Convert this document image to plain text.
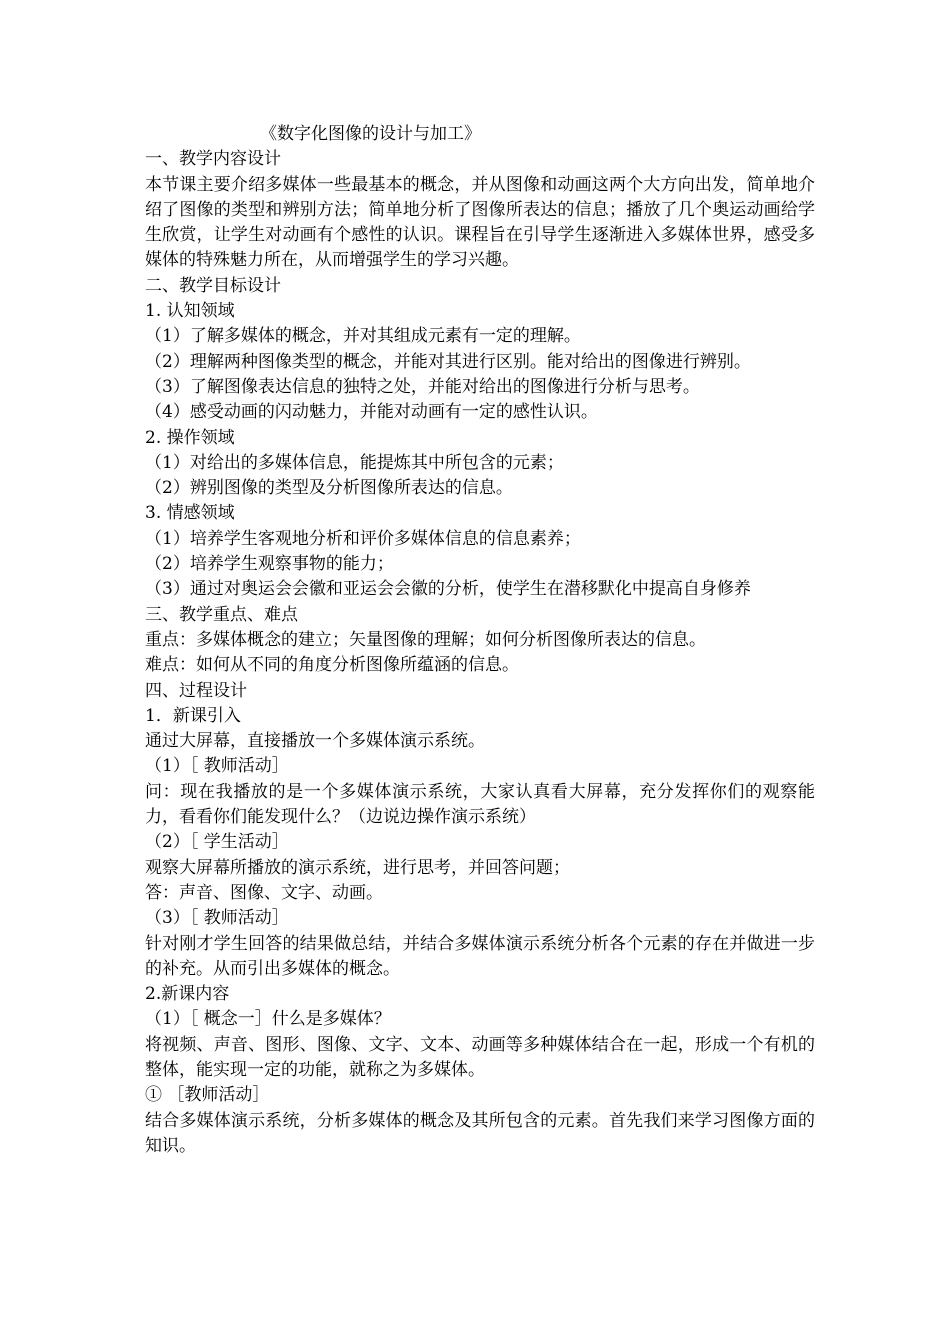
《数字化图像的设计与加工》
一、教学内容设计
本节课主要介绍多媒体一些最基本的概念，并从图像和动画这两个大方向出发，简单地介绍了图像的类型和辨别方法；简单地分析了图像所表达的信息；播放了几个奥运动画给学生欣赏，让学生对动画有个感性的认识。课程旨在引导学生逐渐进入多媒体世界，感受多媒体的特殊魅力所在，从而增强学生的学习兴趣。
二、教学目标设计
1. 认知领域
（1）了解多媒体的概念，并对其组成元素有一定的理解。
（2）理解两种图像类型的概念，并能对其进行区别。能对给出的图像进行辨别。
（3）了解图像表达信息的独特之处，并能对给出的图像进行分析与思考。
（4）感受动画的闪动魅力，并能对动画有一定的感性认识。
2. 操作领域
（1）对给出的多媒体信息，能提炼其中所包含的元素；
（2）辨别图像的类型及分析图像所表达的信息。
3. 情感领域
（1）培养学生客观地分析和评价多媒体信息的信息素养；
（2）培养学生观察事物的能力；
（3）通过对奥运会会徽和亚运会会徽的分析，使学生在潜移默化中提高自身修养
三、教学重点、难点
重点：多媒体概念的建立；矢量图像的理解；如何分析图像所表达的信息。
难点：如何从不同的角度分析图像所蕴涵的信息。
四、过程设计
1．新课引入
通过大屏幕，直接播放一个多媒体演示系统。
（1）［ 教师活动］
问：现在我播放的是一个多媒体演示系统，大家认真看大屏幕，充分发挥你们的观察能力，看看你们能发现什么？（边说边操作演示系统）
（2）［ 学生活动］
观察大屏幕所播放的演示系统，进行思考，并回答问题；
答：声音、图像、文字、动画。
（3）［ 教师活动］
针对刚才学生回答的结果做总结，并结合多媒体演示系统分析各个元素的存在并做进一步的补充。从而引出多媒体的概念。
2.新课内容
（1）［ 概念一］什么是多媒体？
将视频、声音、图形、图像、文字、文本、动画等多种媒体结合在一起，形成一个有机的整体，能实现一定的功能，就称之为多媒体。
① ［教师活动］
结合多媒体演示系统，分析多媒体的概念及其所包含的元素。首先我们来学习图像方面的知识。
